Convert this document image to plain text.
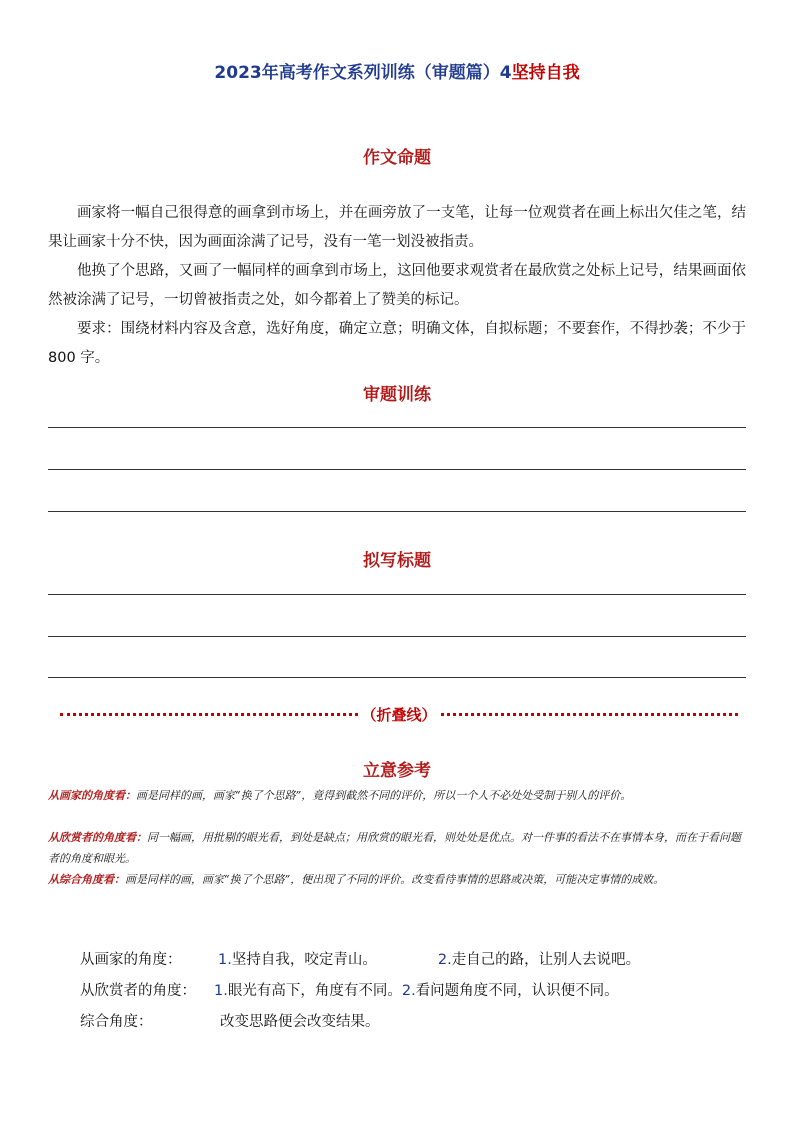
2023年高考作文系列训练（审题篇）4坚持自我
作文命题
画家将一幅自己很得意的画拿到市场上，并在画旁放了一支笔，让每一位观赏者在画上标出欠佳之笔，结果让画家十分不快，因为画面涂满了记号，没有一笔一划没被指责。
他换了个思路，又画了一幅同样的画拿到市场上，这回他要求观赏者在最欣赏之处标上记号，结果画面依然被涂满了记号，一切曾被指责之处，如今都着上了赞美的标记。
要求：围绕材料内容及含意，选好角度，确定立意；明确文体，自拟标题；不要套作，不得抄袭；不少于 800 字。
审题训练
拟写标题
（折叠线）
立意参考
从画家的角度看：画是同样的画，画家“换了个思路”，竟得到截然不同的评价，所以一个人不必处处受制于别人的评价。
从欣赏者的角度看：同一幅画，用批剔的眼光看，到处是缺点；用欣赏的眼光看，则处处是优点。对一件事的看法不在事情本身，而在于看问题者的角度和眼光。
从综合角度看：画是同样的画，画家“换了个思路”，便出现了不同的评价。改变看待事情的思路或决策，可能决定事情的成败。
从画家的角度：	1.坚持自我，咬定青山。	2.走自己的路，让别人去说吧。
从欣赏者的角度： 1.眼光有高下，角度有不同。2.看问题角度不同，认识便不同。
综合角度：	改变思路便会改变结果。
